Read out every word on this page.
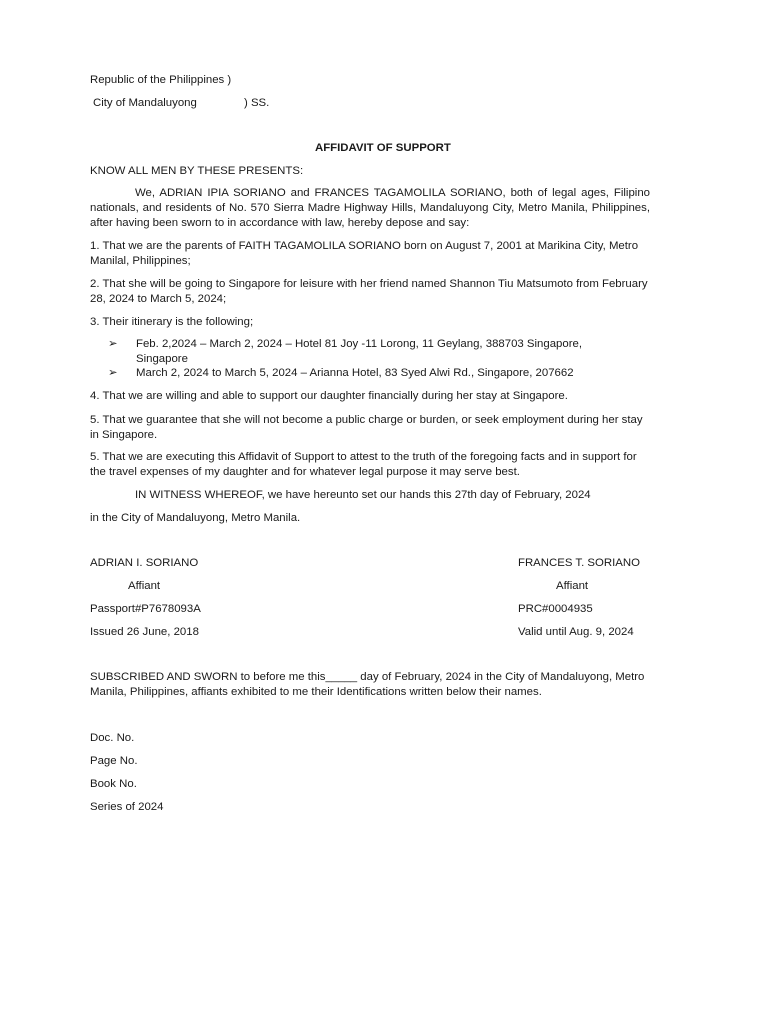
Republic of the Philippines )
City of Mandaluyong	) SS.
AFFIDAVIT OF SUPPORT
KNOW ALL MEN BY THESE PRESENTS:
We, ADRIAN IPIA SORIANO and FRANCES TAGAMOLILA SORIANO, both of legal ages, Filipino nationals, and residents of No. 570 Sierra Madre Highway Hills, Mandaluyong City, Metro Manila, Philippines, after having been sworn to in accordance with law, hereby depose and say:
1. That we are the parents of FAITH TAGAMOLILA SORIANO born on August 7, 2001 at Marikina City, Metro Manilal, Philippines;
2. That she will be going to Singapore for leisure with her friend named Shannon Tiu Matsumoto from February 28, 2024 to March 5, 2024;
3. Their itinerary is the following;
➢	Feb. 2,2024 – March 2, 2024 – Hotel 81 Joy -11 Lorong, 11 Geylang, 388703 Singapore, Singapore
➢	March 2, 2024 to March 5, 2024 – Arianna Hotel, 83 Syed Alwi Rd., Singapore, 207662
4. That we are willing and able to support our daughter financially during her stay at Singapore.
5. That we guarantee that she will not become a public charge or burden, or seek employment during her stay in Singapore.
5. That we are executing this Affidavit of Support to attest to the truth of the foregoing facts and in support for the travel expenses of my daughter and for whatever legal purpose it may serve best.
IN WITNESS WHEREOF, we have hereunto set our hands this 27th day of February, 2024
in the City of Mandaluyong, Metro Manila.
ADRIAN I. SORIANO
Affiant
Passport#P7678093A
Issued 26 June, 2018
FRANCES T. SORIANO
Affiant
PRC#0004935
Valid until Aug. 9, 2024
SUBSCRIBED AND SWORN to before me this_____ day of February, 2024 in the City of Mandaluyong, Metro Manila, Philippines, affiants exhibited to me their Identifications written below their names.
Doc. No.
Page No.
Book No.
Series of 2024
